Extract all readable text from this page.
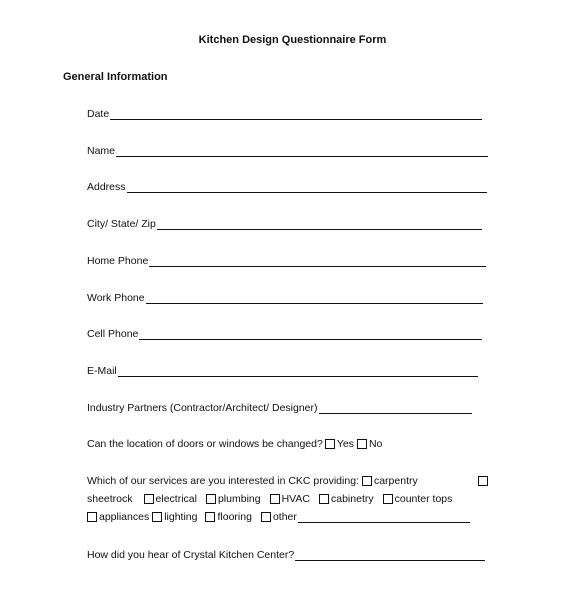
Kitchen Design Questionnaire Form
General Information
Date
Name
Address
City/ State/ Zip
Home Phone
Work Phone
Cell Phone
E-Mail
Industry Partners (Contractor/Architect/ Designer)
Can the location of doors or windows be changed? Yes No
Which of our services are you interested in CKC providing: carpentry
sheetrock electrical plumbing HVAC cabinetry counter tops
appliances lighting flooring other
How did you hear of Crystal Kitchen Center?
